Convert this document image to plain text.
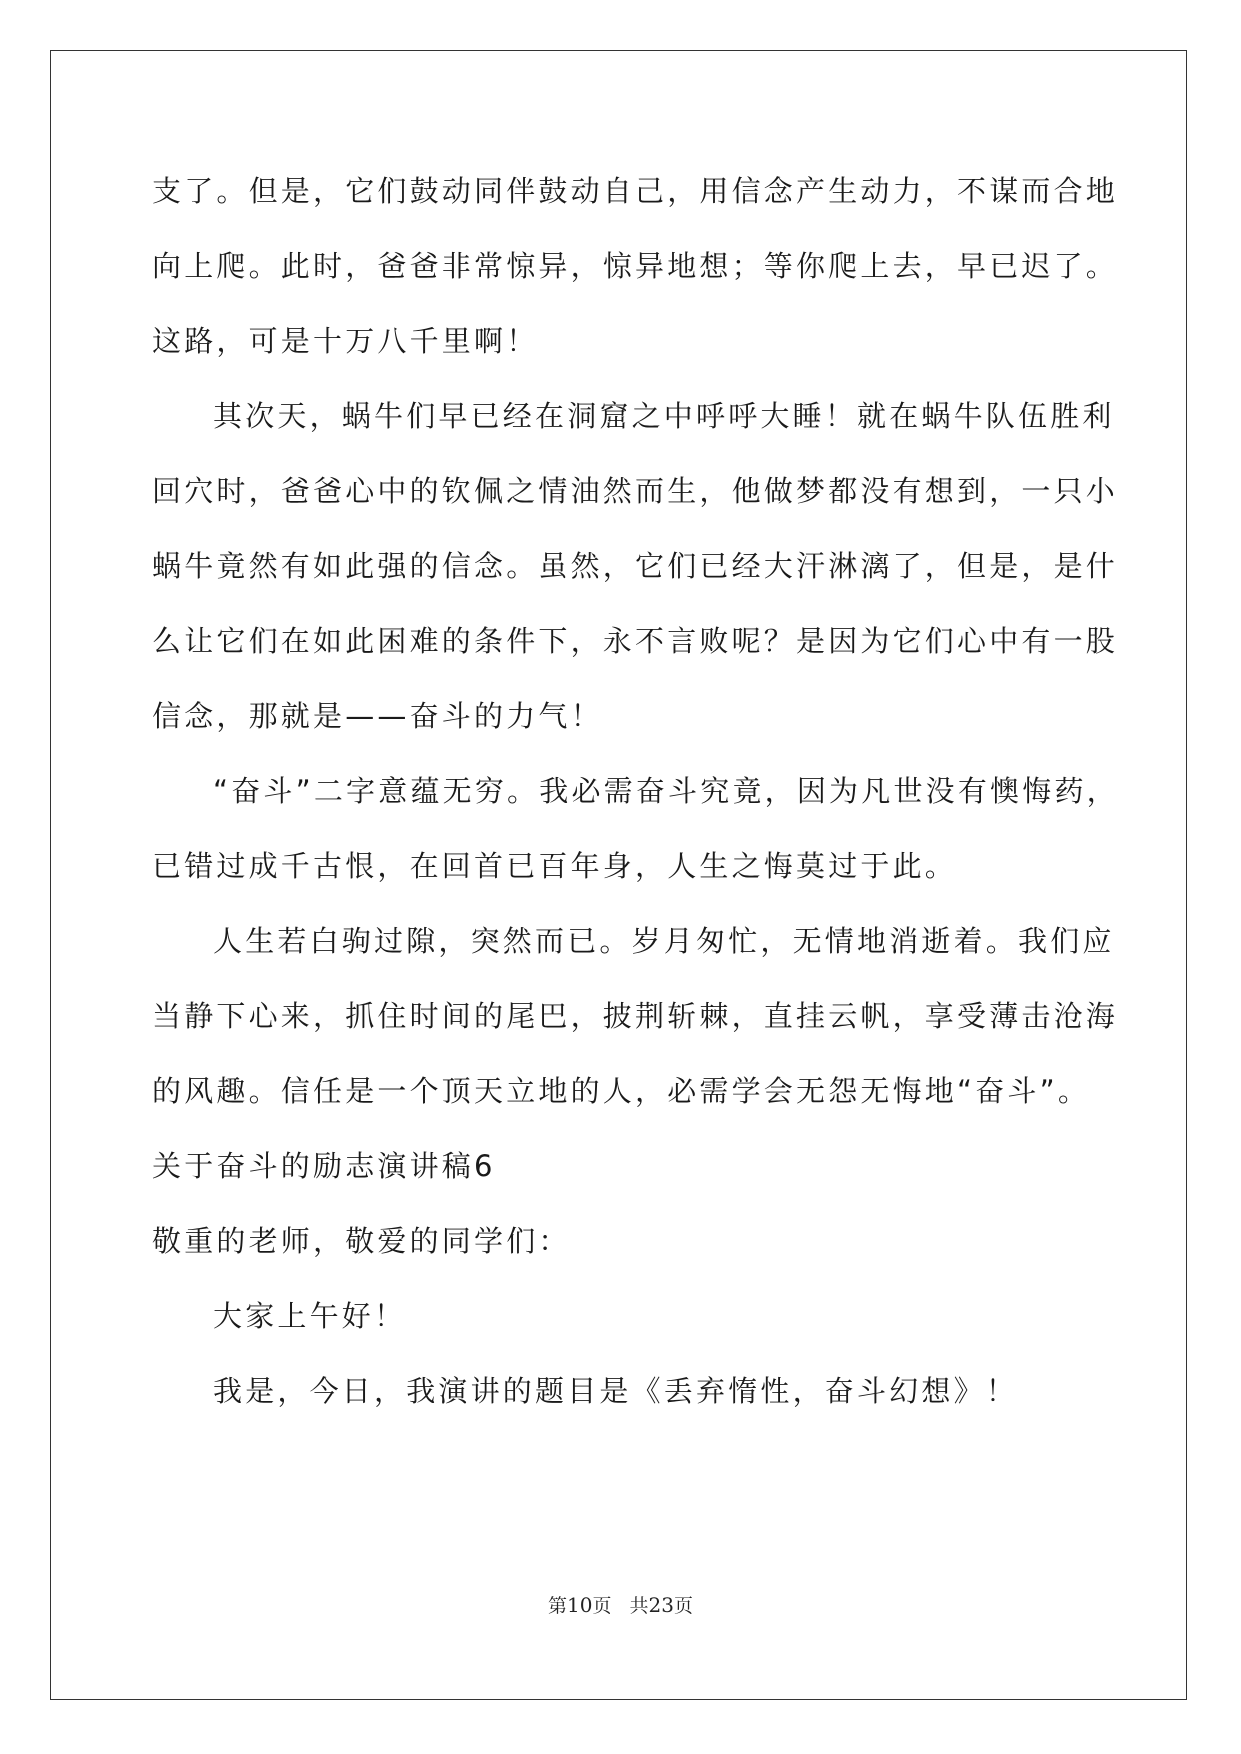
支了。但是，它们鼓动同伴鼓动自己，用信念产生动力，不谋而合地
向上爬。此时，爸爸非常惊异，惊异地想；等你爬上去，早已迟了。
这路，可是十万八千里啊！
其次天，蜗牛们早已经在洞窟之中呼呼大睡！就在蜗牛队伍胜利
回穴时，爸爸心中的钦佩之情油然而生，他做梦都没有想到，一只小
蜗牛竟然有如此强的信念。虽然，它们已经大汗淋漓了，但是，是什
么让它们在如此困难的条件下，永不言败呢？是因为它们心中有一股
信念，那就是——奋斗的力气！
“奋斗”二字意蕴无穷。我必需奋斗究竟，因为凡世没有懊悔药，
已错过成千古恨，在回首已百年身，人生之悔莫过于此。
人生若白驹过隙，突然而已。岁月匆忙，无情地消逝着。我们应
当静下心来，抓住时间的尾巴，披荆斩棘，直挂云帆，享受薄击沧海
的风趣。信任是一个顶天立地的人，必需学会无怨无悔地“奋斗”。
关于奋斗的励志演讲稿6
敬重的老师，敬爱的同学们：
大家上午好！
我是，今日，我演讲的题目是《丢弃惰性，奋斗幻想》！
第10页 共23页
